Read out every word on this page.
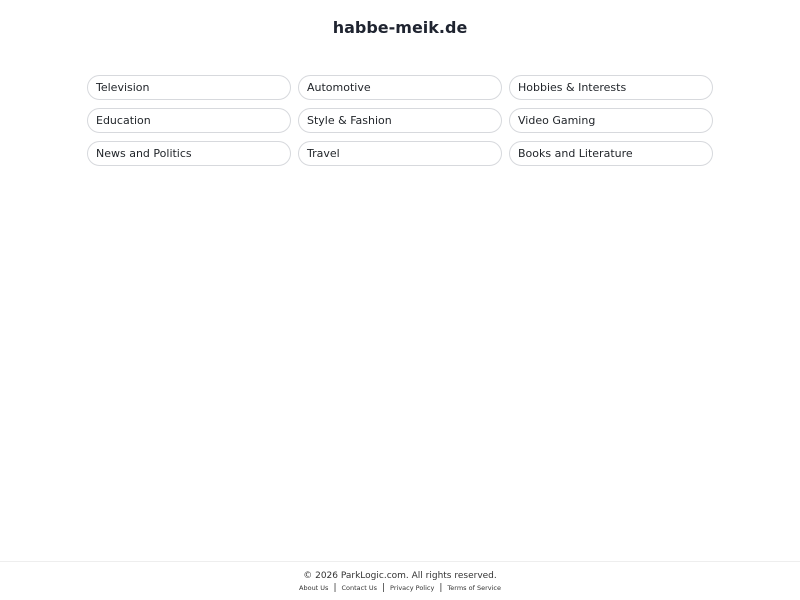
habbe-meik.de
Television	Automotive	Hobbies & Interests
Education	Style & Fashion	Video Gaming
News and Politics	Travel	Books and Literature
© 2026 ParkLogic.com. All rights reserved.
About Us | Contact Us | Privacy Policy | Terms of Service
